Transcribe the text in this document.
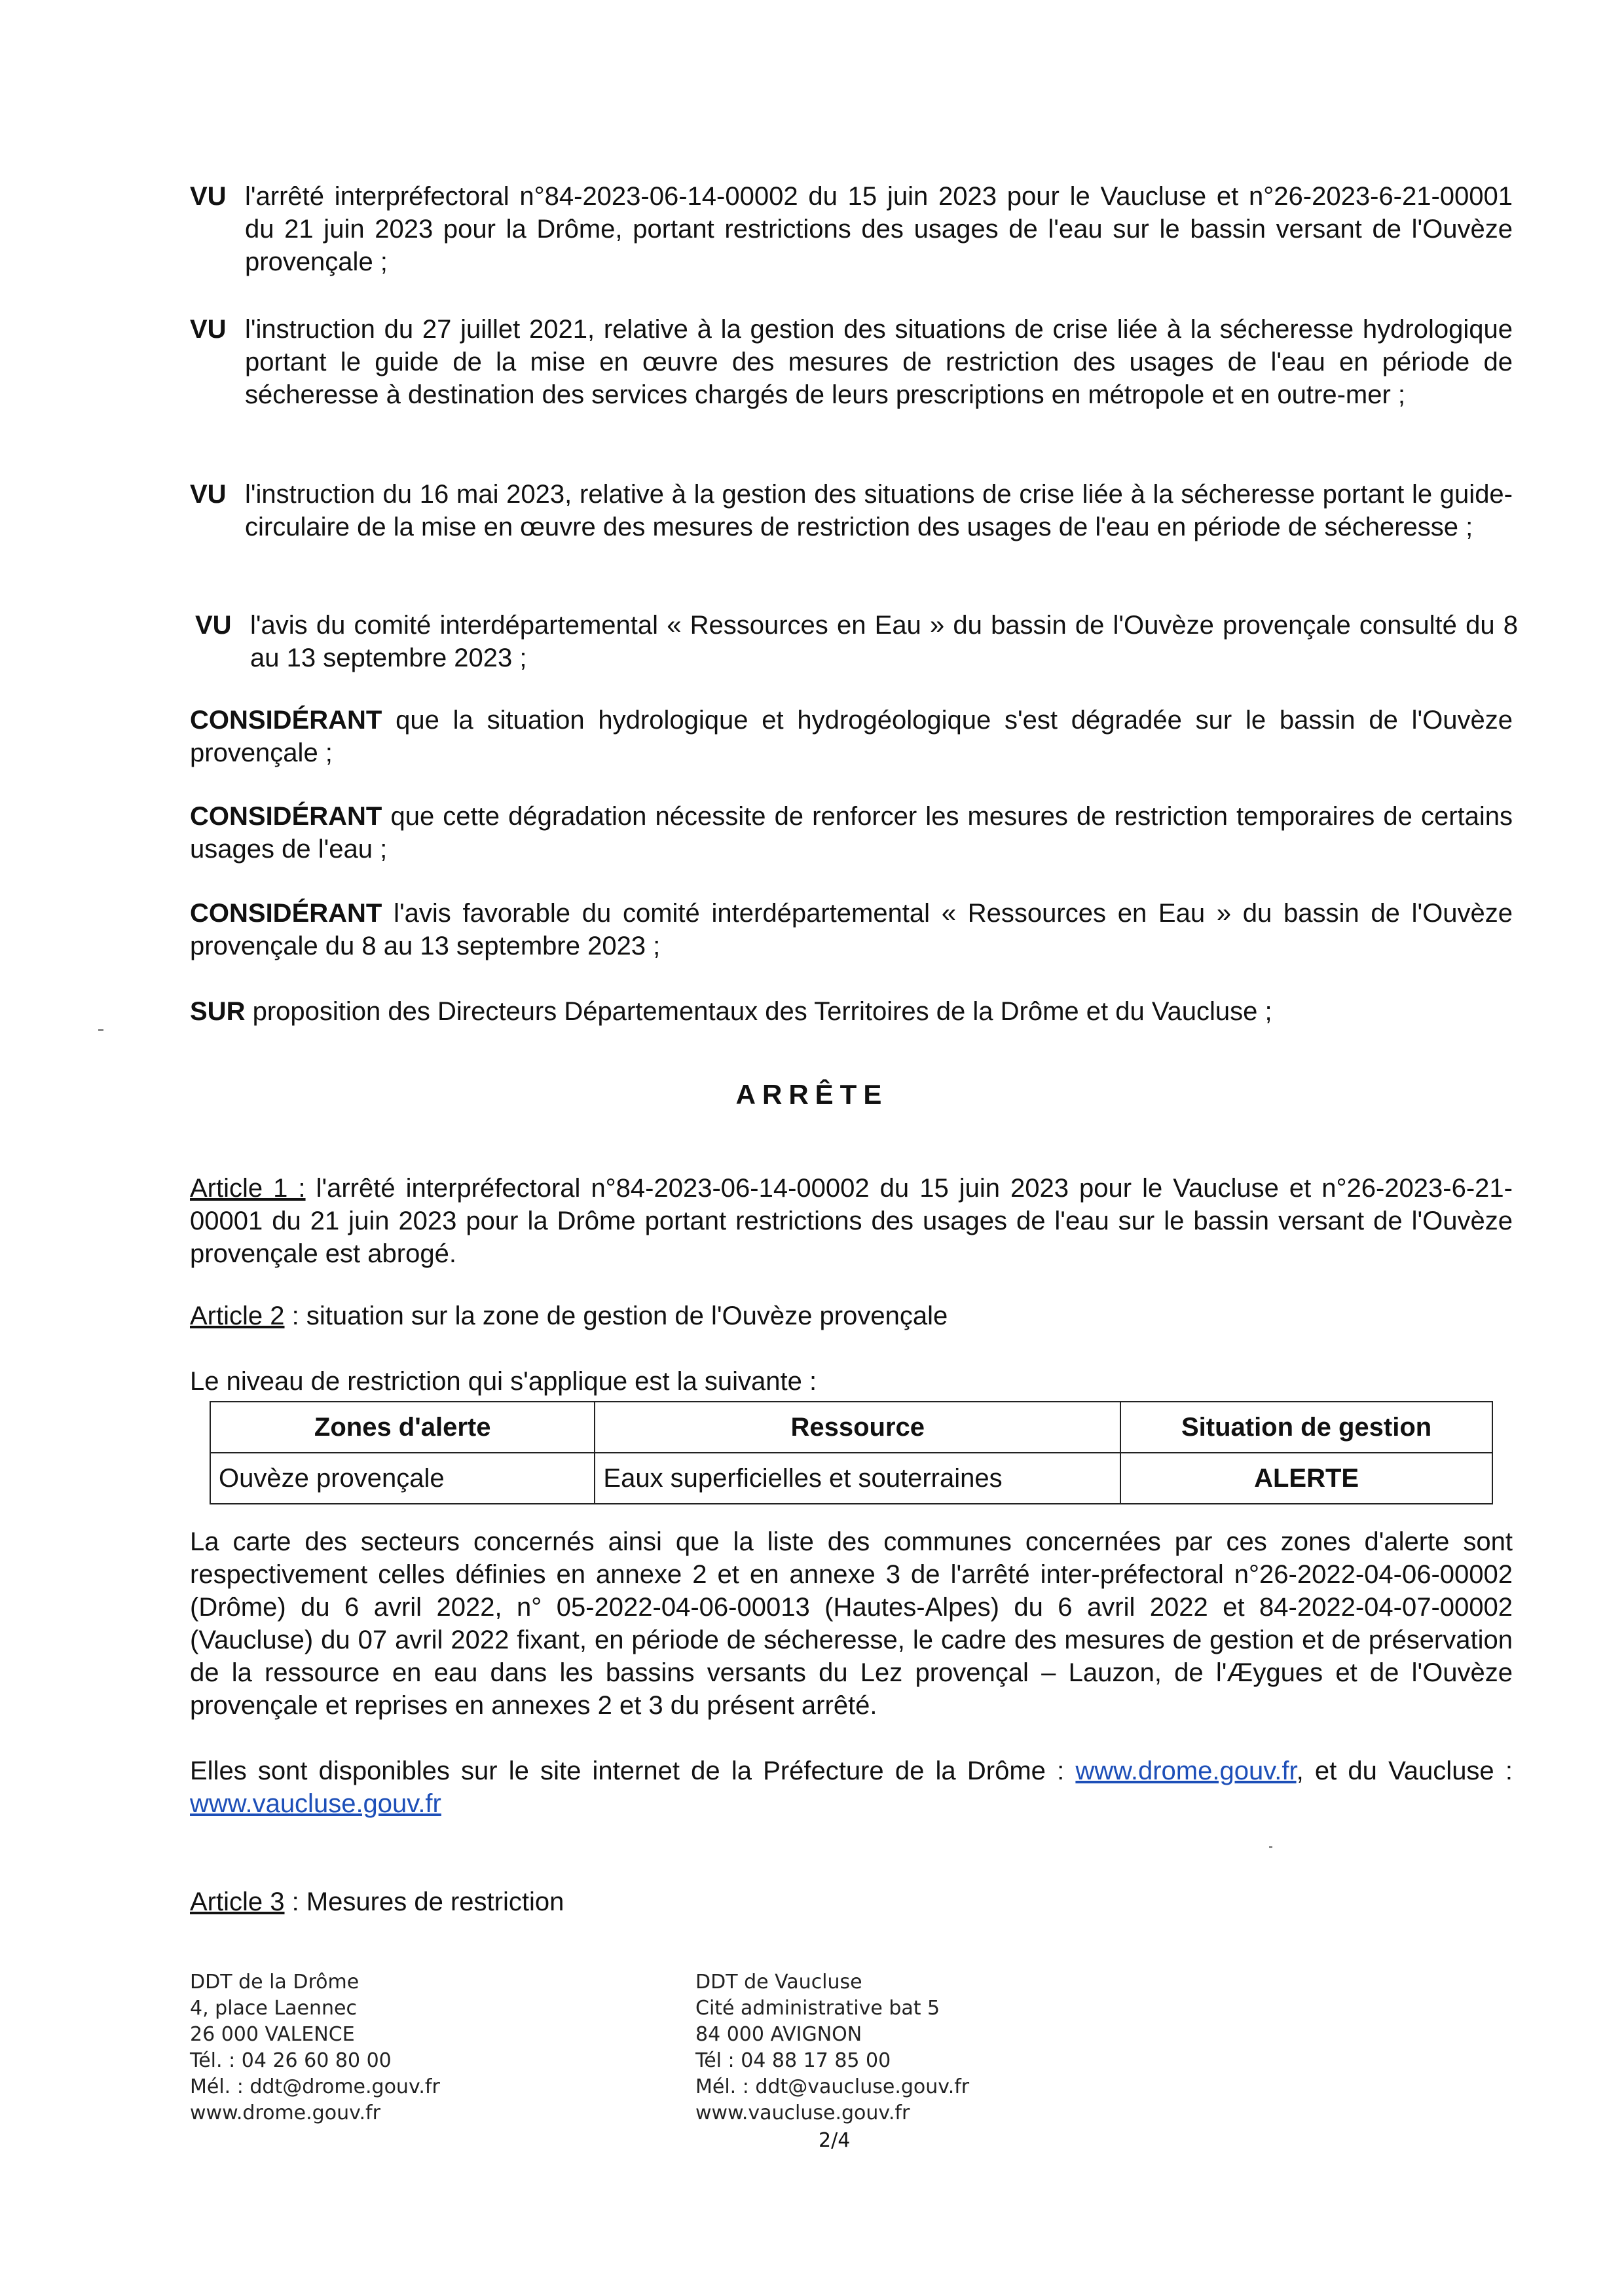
VU l'arrêté interpréfectoral n°84-2023-06-14-00002 du 15 juin 2023 pour le Vaucluse et n°26-2023-6-21-00001 du 21 juin 2023 pour la Drôme, portant restrictions des usages de l'eau sur le bassin versant de l'Ouvèze provençale ;
VU l'instruction du 27 juillet 2021, relative à la gestion des situations de crise liée à la sécheresse hydrologique portant le guide de la mise en œuvre des mesures de restriction des usages de l'eau en période de sécheresse à destination des services chargés de leurs prescriptions en métropole et en outre-mer ;
VU l'instruction du 16 mai 2023, relative à la gestion des situations de crise liée à la sécheresse portant le guide-circulaire de la mise en œuvre des mesures de restriction des usages de l'eau en période de sécheresse ;
VU l'avis du comité interdépartemental « Ressources en Eau » du bassin de l'Ouvèze provençale consulté du 8 au 13 septembre 2023 ;
CONSIDÉRANT que la situation hydrologique et hydrogéologique s'est dégradée sur le bassin de l'Ouvèze provençale ;
CONSIDÉRANT que cette dégradation nécessite de renforcer les mesures de restriction temporaires de certains usages de l'eau ;
CONSIDÉRANT l'avis favorable du comité interdépartemental « Ressources en Eau » du bassin de l'Ouvèze provençale du 8 au 13 septembre 2023 ;
SUR proposition des Directeurs Départementaux des Territoires de la Drôme et du Vaucluse ;
ARRÊTE
Article 1 : l'arrêté interpréfectoral n°84-2023-06-14-00002 du 15 juin 2023 pour le Vaucluse et n°26-2023-6-21-00001 du 21 juin 2023 pour la Drôme portant restrictions des usages de l'eau sur le bassin versant de l'Ouvèze provençale est abrogé.
Article 2 : situation sur la zone de gestion de l'Ouvèze provençale
Le niveau de restriction qui s'applique est la suivante :
Zones d'alerte	Ressource	Situation de gestion
Ouvèze provençale	Eaux superficielles et souterraines	ALERTE
La carte des secteurs concernés ainsi que la liste des communes concernées par ces zones d'alerte sont respectivement celles définies en annexe 2 et en annexe 3 de l'arrêté inter-préfectoral n°26-2022-04-06-00002 (Drôme) du 6 avril 2022, n° 05-2022-04-06-00013 (Hautes-Alpes) du 6 avril 2022 et 84-2022-04-07-00002 (Vaucluse) du 07 avril 2022 fixant, en période de sécheresse, le cadre des mesures de gestion et de préservation de la ressource en eau dans les bassins versants du Lez provençal – Lauzon, de l'Æygues et de l'Ouvèze provençale et reprises en annexes 2 et 3 du présent arrêté.
Elles sont disponibles sur le site internet de la Préfecture de la Drôme : www.drome.gouv.fr, et du Vaucluse : www.vaucluse.gouv.fr
Article 3 : Mesures de restriction
DDT de la Drôme
4, place Laennec
26 000 VALENCE
Tél. : 04 26 60 80 00
Mél. : ddt@drome.gouv.fr
www.drome.gouv.fr
DDT de Vaucluse
Cité administrative bat 5
84 000 AVIGNON
Tél : 04 88 17 85 00
Mél. : ddt@vaucluse.gouv.fr
www.vaucluse.gouv.fr
2/4
